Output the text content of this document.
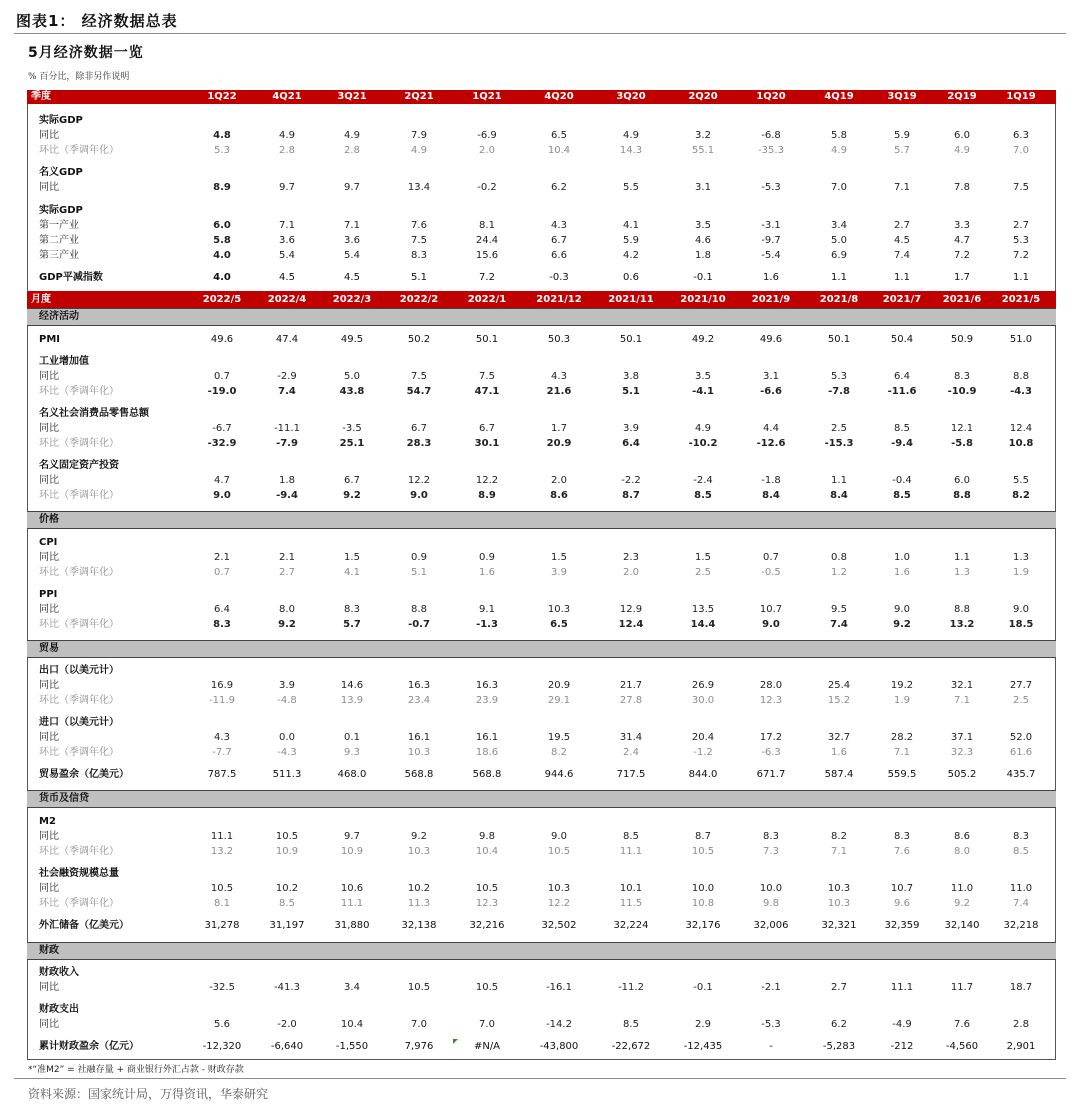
图表1： 经济数据总表
5月经济数据一览
% 百分比，除非另作说明
季度	1Q22	4Q21	3Q21	2Q21	1Q21	4Q20	3Q20	2Q20	1Q20	4Q19	3Q19	2Q19	1Q19
实际GDP
同比	4.8	4.9	4.9	7.9	-6.9	6.5	4.9	3.2	-6.8	5.8	5.9	6.0	6.3
环比（季调年化）	5.3	2.8	2.8	4.9	2.0	10.4	14.3	55.1	-35.3	4.9	5.7	4.9	7.0
名义GDP
同比	8.9	9.7	9.7	13.4	-0.2	6.2	5.5	3.1	-5.3	7.0	7.1	7.8	7.5
实际GDP
第一产业	6.0	7.1	7.1	7.6	8.1	4.3	4.1	3.5	-3.1	3.4	2.7	3.3	2.7
第二产业	5.8	3.6	3.6	7.5	24.4	6.7	5.9	4.6	-9.7	5.0	4.5	4.7	5.3
第三产业	4.0	5.4	5.4	8.3	15.6	6.6	4.2	1.8	-5.4	6.9	7.4	7.2	7.2
GDP平减指数	4.0	4.5	4.5	5.1	7.2	-0.3	0.6	-0.1	1.6	1.1	1.1	1.7	1.1
月度	2022/5	2022/4	2022/3	2022/2	2022/1	2021/12	2021/11	2021/10	2021/9	2021/8	2021/7	2021/6	2021/5
经济活动
PMI	49.6	47.4	49.5	50.2	50.1	50.3	50.1	49.2	49.6	50.1	50.4	50.9	51.0
工业增加值
同比	0.7	-2.9	5.0	7.5	7.5	4.3	3.8	3.5	3.1	5.3	6.4	8.3	8.8
环比（季调年化）	-19.0	7.4	43.8	54.7	47.1	21.6	5.1	-4.1	-6.6	-7.8	-11.6	-10.9	-4.3
名义社会消费品零售总额
同比	-6.7	-11.1	-3.5	6.7	6.7	1.7	3.9	4.9	4.4	2.5	8.5	12.1	12.4
环比（季调年化）	-32.9	-7.9	25.1	28.3	30.1	20.9	6.4	-10.2	-12.6	-15.3	-9.4	-5.8	10.8
名义固定资产投资
同比	4.7	1.8	6.7	12.2	12.2	2.0	-2.2	-2.4	-1.8	1.1	-0.4	6.0	5.5
环比（季调年化）	9.0	-9.4	9.2	9.0	8.9	8.6	8.7	8.5	8.4	8.4	8.5	8.8	8.2
价格
CPI
同比	2.1	2.1	1.5	0.9	0.9	1.5	2.3	1.5	0.7	0.8	1.0	1.1	1.3
环比（季调年化）	0.7	2.7	4.1	5.1	1.6	3.9	2.0	2.5	-0.5	1.2	1.6	1.3	1.9
PPI
同比	6.4	8.0	8.3	8.8	9.1	10.3	12.9	13.5	10.7	9.5	9.0	8.8	9.0
环比（季调年化）	8.3	9.2	5.7	-0.7	-1.3	6.5	12.4	14.4	9.0	7.4	9.2	13.2	18.5
贸易
出口（以美元计）
同比	16.9	3.9	14.6	16.3	16.3	20.9	21.7	26.9	28.0	25.4	19.2	32.1	27.7
环比（季调年化）	-11.9	-4.8	13.9	23.4	23.9	29.1	27.8	30.0	12.3	15.2	1.9	7.1	2.5
进口（以美元计）
同比	4.3	0.0	0.1	16.1	16.1	19.5	31.4	20.4	17.2	32.7	28.2	37.1	52.0
环比（季调年化）	-7.7	-4.3	9.3	10.3	18.6	8.2	2.4	-1.2	-6.3	1.6	7.1	32.3	61.6
贸易盈余（亿美元）	787.5	511.3	468.0	568.8	568.8	944.6	717.5	844.0	671.7	587.4	559.5	505.2	435.7
货币及信贷
M2
同比	11.1	10.5	9.7	9.2	9.8	9.0	8.5	8.7	8.3	8.2	8.3	8.6	8.3
环比（季调年化）	13.2	10.9	10.9	10.3	10.4	10.5	11.1	10.5	7.3	7.1	7.6	8.0	8.5
社会融资规模总量
同比	10.5	10.2	10.6	10.2	10.5	10.3	10.1	10.0	10.0	10.3	10.7	11.0	11.0
环比（季调年化）	8.1	8.5	11.1	11.3	12.3	12.2	11.5	10.8	9.8	10.3	9.6	9.2	7.4
外汇储备（亿美元）	31,278	31,197	31,880	32,138	32,216	32,502	32,224	32,176	32,006	32,321	32,359	32,140	32,218
财政
财政收入
同比	-32.5	-41.3	3.4	10.5	10.5	-16.1	-11.2	-0.1	-2.1	2.7	11.1	11.7	18.7
财政支出
同比	5.6	-2.0	10.4	7.0	7.0	-14.2	8.5	2.9	-5.3	6.2	-4.9	7.6	2.8
累计财政盈余（亿元）	-12,320	-6,640	-1,550	7,976	#N/A	-43,800	-22,672	-12,435	-	-5,283	-212	-4,560	2,901
*“准M2” = 社融存量 + 商业银行外汇占款 - 财政存款
资料来源：国家统计局，万得资讯，华泰研究
